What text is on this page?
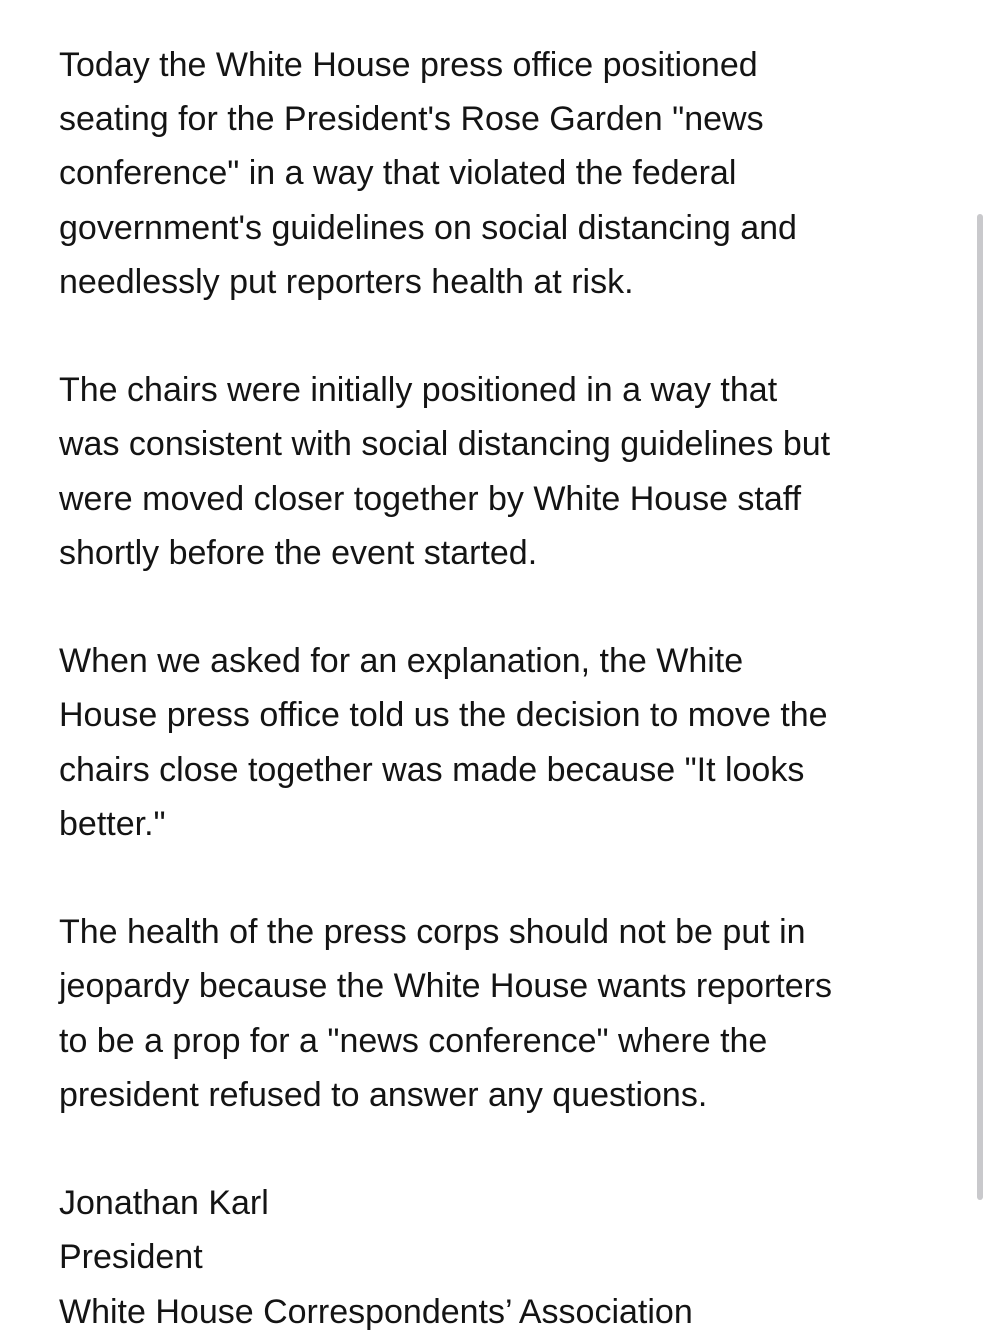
Today the White House press office positioned
seating for the President's Rose Garden "news
conference" in a way that violated the federal
government's guidelines on social distancing and
needlessly put reporters health at risk.

The chairs were initially positioned in a way that
was consistent with social distancing guidelines but
were moved closer together by White House staff
shortly before the event started.

When we asked for an explanation, the White
House press office told us the decision to move the
chairs close together was made because "It looks
better."

The health of the press corps should not be put in
jeopardy because the White House wants reporters
to be a prop for a "news conference" where the
president refused to answer any questions.

Jonathan Karl
President
White House Correspondents’ Association
